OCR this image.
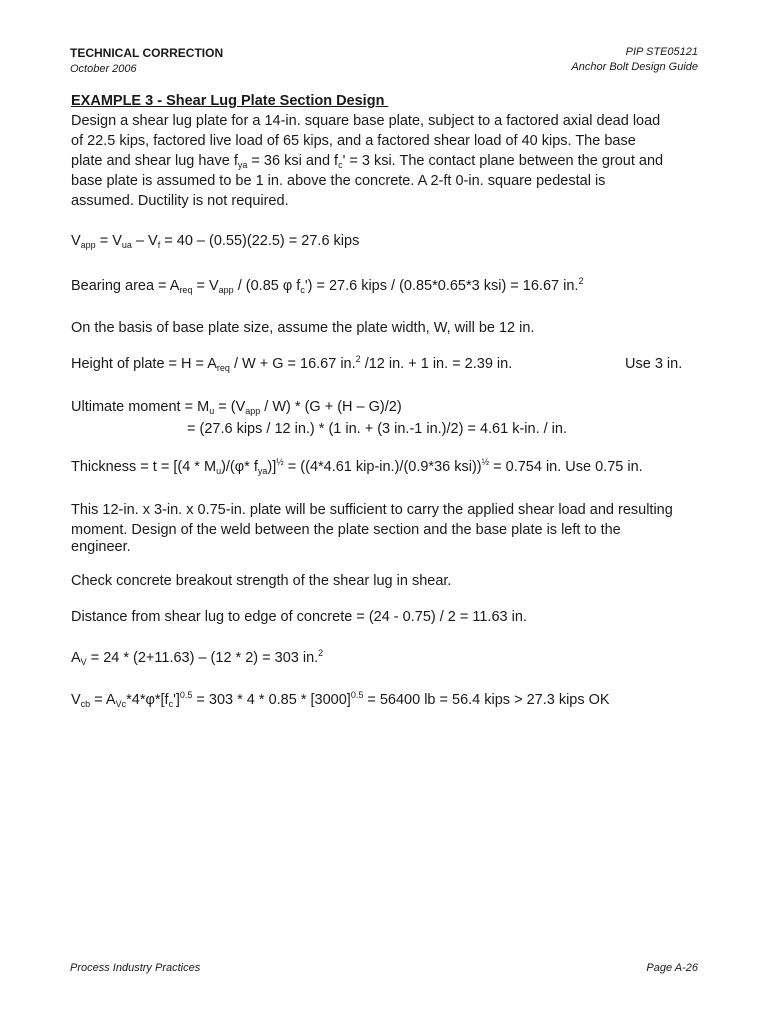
TECHNICAL CORRECTION
October 2006
PIP STE05121
Anchor Bolt Design Guide
EXAMPLE 3 - Shear Lug Plate Section Design
Design a shear lug plate for a 14-in. square base plate, subject to a factored axial dead load
of 22.5 kips, factored live load of 65 kips, and a factored shear load of 40 kips. The base
plate and shear lug have $f_{ya} = 36$ ksi and $f_c' = 3$ ksi. The contact plane between the grout and
base plate is assumed to be 1 in. above the concrete. A 2-ft 0-in. square pedestal is
assumed. Ductility is not required.
$V_{app} = V_{ua} - V_f = 40 - (0.55)(22.5) = 27.6$ kips
Bearing area = $A_{req} = V_{app} / (0.85$ φ $f_c') = 27.6$ kips / (0.85*0.65*3 ksi) = 16.67 in.$^2$
On the basis of base plate size, assume the plate width, W, will be 12 in.
Height of plate = $H = A_{req} / W + G = 16.67$ in.$^2$ /12 in. + 1 in. = 2.39 in.	Use 3 in.
Ultimate moment = $M_u = (V_{app} / W) * (G + (H - G)/2)$
= (27.6 kips / 12 in.) * (1 in. + (3 in.-1 in.)/2) = 4.61 k-in. / in.
Thickness = $t = [(4 * M_u)/(\varphi*$ $f_{ya})]^{\frac{1}{2}} = ((4*4.61$ kip-in.)/(0.9*36 ksi))$^{\frac{1}{2}}$ = 0.754 in. Use 0.75 in.
This 12-in. x 3-in. x 0.75-in. plate will be sufficient to carry the applied shear load and resulting
moment. Design of the weld between the plate section and the base plate is left to the
engineer.
Check concrete breakout strength of the shear lug in shear.
Distance from shear lug to edge of concrete = (24 - 0.75) / 2 = 11.63 in.
$A_V = 24 * (2+11.63) - (12 * 2) = 303$ in.$^2$
$V_{cb} = A_{Vc}*4*\varphi*[f_c']^{0.5} = 303 * 4 * 0.85 * [3000]^{0.5} = 56400$ lb = 56.4 kips > 27.3 kips OK
Process Industry Practices	Page A-26
